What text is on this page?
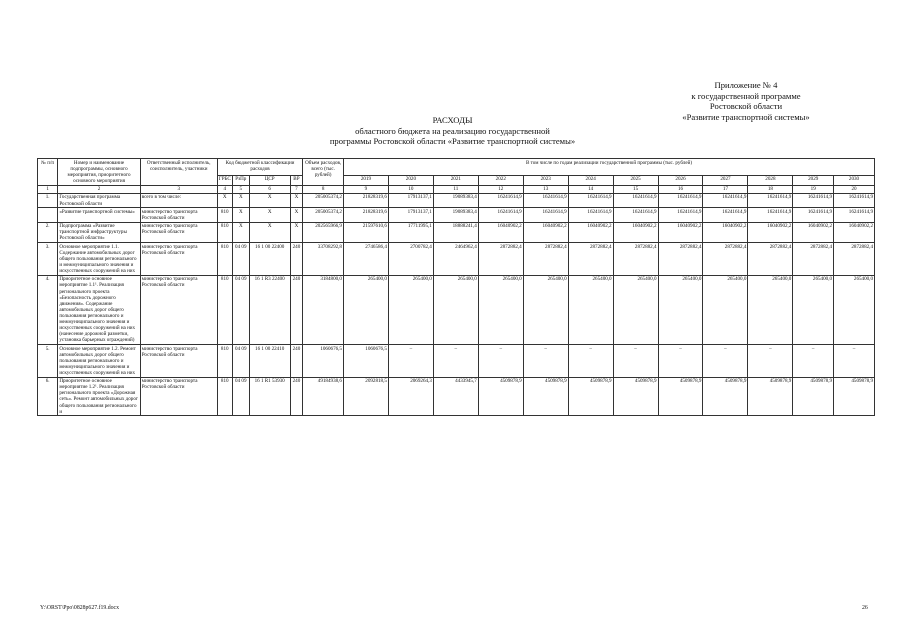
Приложение № 4
к государственной программе
Ростовской области
«Развитие транспортной системы»
РАСХОДЫ
областного бюджета на реализацию государственной
программы Ростовской области «Развитие транспортной системы»
№ п/п	Номер и наименование подпрограммы, основного мероприятия, приоритетного основного мероприятия	Ответственный исполнитель, соисполнитель, участники	Код бюджетной классификации расходов				Объем расходов, всего (тыс. рублей)	В том числе по годам реализации государственной программы (тыс. рублей)											
			ГРБС	РзПр	ЦСР	ВР		2019	2020	2021	2022	2023	2024	2025	2026	2027	2028	2029	2030
1	2	3	4	5	6	7	8	9	10	11	12	13	14	15	16	17	18	19	20
1.	Государственная программа Ростовской области	всего в том числе:	X	X	X	X	205005374,2	21828319,6	17913137,1	19089383,4	16241614,9	16241614,9	16241614,9	16241614,9	16241614,9	16241614,9	16241614,9	16241614,9	16241614,9
	«Развитие транспортной системы»	министерство транспорта Ростовской области	810	X	X	X	205005374,2	21828319,6	17913137,1	19089383,4	16241614,9	16241614,9	16241614,9	16241614,9	16241614,9	16241614,9	16241614,9	16241614,9	16241614,9
2.	Подпрограмма «Развитие транспортной инфраструктуры Ростовской области»	министерство транспорта Ростовской области	810	X	X	X	202565966,9	21597610,6	17711995,1	18888241,4	16040902,2	16040902,2	16040902,2	16040902,2	16040902,2	16040902,2	16040902,2	16040902,2	16040902,2
3.	Основное мероприятие 1.1. Содержание автомобильных дорог общего пользования регионального и межмуниципального значения и искусственных сооружений на них	министерство транспорта Ростовской области	810	04 09	16 1 00 22400	240	33708292,8	2746586,4	2700782,4	2464962,4	2872882,4	2872882,4	2872882,4	2872882,4	2872882,4	2872882,4	2872882,4	2872882,4	2872882,4
4.	Приоритетное основное мероприятие 1.1¹. Реализация регионального проекта «Безопасность дорожного движения». Содержание автомобильных дорог общего пользования регионального и межмуниципального значения и искусственных сооружений на них (нанесение дорожной разметки, установка барьерных ограждений)	министерство транспорта Ростовской области	810	04 09	16 1 R3 22400	240	3184800,0	265400,0	265400,0	265400,0	265400,0	265400,0	265400,0	265400,0	265400,0	265400,0	265400,0	265400,0	265400,0
5.	Основное мероприятие 1.2. Ремонт автомобильных дорог общего пользования регионального и межмуниципального значения и искусственных сооружений на них	министерство транспорта Ростовской области	810	04 09	16 1 00 22410	240	1060676,5	1060676,5	–	–	–	–	–	–	–	–	–	–	–
6.	Приоритетное основное мероприятие 1.2¹. Реализация регионального проекта «Дорожная сеть». Ремонт автомобильных дорог общего пользования регионального и	министерство транспорта Ростовской области	810	04 09	16 1 R1 53930	240	49184938,6	2092818,5	2069264,3	4433945,7	4509878,9	4509878,9	4509878,9	4509878,9	4509878,9	4509878,9	4509878,9	4509878,9	4509878,9
Y:\ORST\Ppo\0828p627.f19.docx	26
